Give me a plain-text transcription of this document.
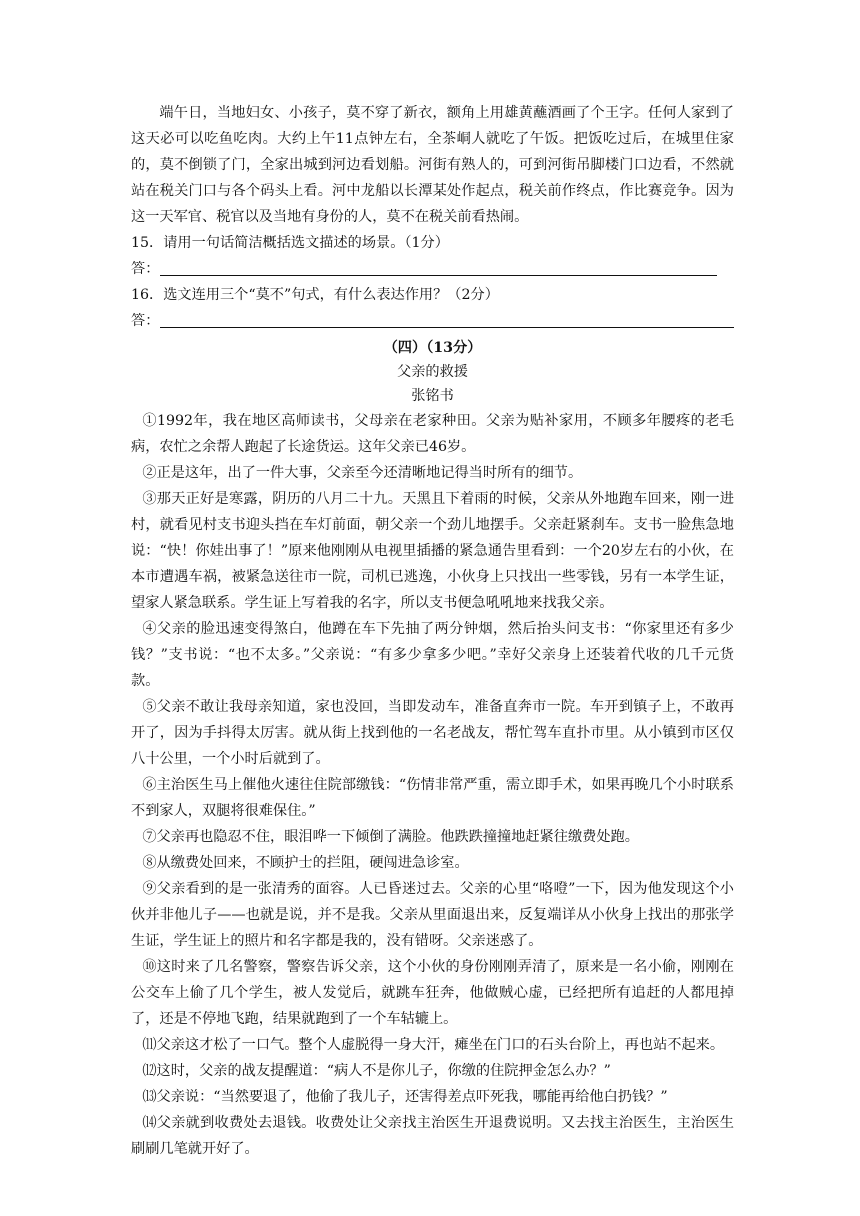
端午日，当地妇女、小孩子，莫不穿了新衣，额角上用雄黄蘸酒画了个王字。任何人家到了这天必可以吃鱼吃肉。大约上午11点钟左右，全茶峒人就吃了午饭。把饭吃过后，在城里住家的，莫不倒锁了门，全家出城到河边看划船。河街有熟人的，可到河街吊脚楼门口边看，不然就站在税关门口与各个码头上看。河中龙船以长潭某处作起点，税关前作终点，作比赛竞争。因为这一天军官、税官以及当地有身份的人，莫不在税关前看热闹。

15．请用一句话简洁概括选文描述的场景。（1分）

答：

16．选文连用三个“莫不”句式，有什么表达作用？（2分）

答：

（四）（13分）

父亲的救援

张铭书

①1992年，我在地区高师读书，父母亲在老家种田。父亲为贴补家用，不顾多年腰疼的老毛病，农忙之余帮人跑起了长途货运。这年父亲已46岁。

②正是这年，出了一件大事，父亲至今还清晰地记得当时所有的细节。

③那天正好是寒露，阴历的八月二十九。天黑且下着雨的时候，父亲从外地跑车回来，刚一进村，就看见村支书迎头挡在车灯前面，朝父亲一个劲儿地摆手。父亲赶紧刹车。支书一脸焦急地说：“快！你娃出事了！”原来他刚刚从电视里插播的紧急通告里看到：一个20岁左右的小伙，在本市遭遇车祸，被紧急送往市一院，司机已逃逸，小伙身上只找出一些零钱，另有一本学生证，望家人紧急联系。学生证上写着我的名字，所以支书便急吼吼地来找我父亲。

④父亲的脸迅速变得煞白，他蹲在车下先抽了两分钟烟，然后抬头问支书：“你家里还有多少钱？”支书说：“也不太多。”父亲说：“有多少拿多少吧。”幸好父亲身上还装着代收的几千元货款。

⑤父亲不敢让我母亲知道，家也没回，当即发动车，准备直奔市一院。车开到镇子上，不敢再开了，因为手抖得太厉害。就从街上找到他的一名老战友，帮忙驾车直扑市里。从小镇到市区仅八十公里，一个小时后就到了。

⑥主治医生马上催他火速往住院部缴钱：“伤情非常严重，需立即手术，如果再晚几个小时联系不到家人，双腿将很难保住。”

⑦父亲再也隐忍不住，眼泪哗一下倾倒了满脸。他跌跌撞撞地赶紧往缴费处跑。

⑧从缴费处回来，不顾护士的拦阻，硬闯进急诊室。

⑨父亲看到的是一张清秀的面容。人已昏迷过去。父亲的心里“咯噔”一下，因为他发现这个小伙并非他儿子——也就是说，并不是我。父亲从里面退出来，反复端详从小伙身上找出的那张学生证，学生证上的照片和名字都是我的，没有错呀。父亲迷惑了。

⑩这时来了几名警察，警察告诉父亲，这个小伙的身份刚刚弄清了，原来是一名小偷，刚刚在公交车上偷了几个学生，被人发觉后，就跳车狂奔，他做贼心虚，已经把所有追赶的人都甩掉了，还是不停地飞跑，结果就跑到了一个车轱辘上。

⑾父亲这才松了一口气。整个人虚脱得一身大汗，瘫坐在门口的石头台阶上，再也站不起来。

⑿这时，父亲的战友提醒道：“病人不是你儿子，你缴的住院押金怎么办？”

⒀父亲说：“当然要退了，他偷了我儿子，还害得差点吓死我，哪能再给他白扔钱？”

⒁父亲就到收费处去退钱。收费处让父亲找主治医生开退费说明。又去找主治医生，主治医生刷刷几笔就开好了。
